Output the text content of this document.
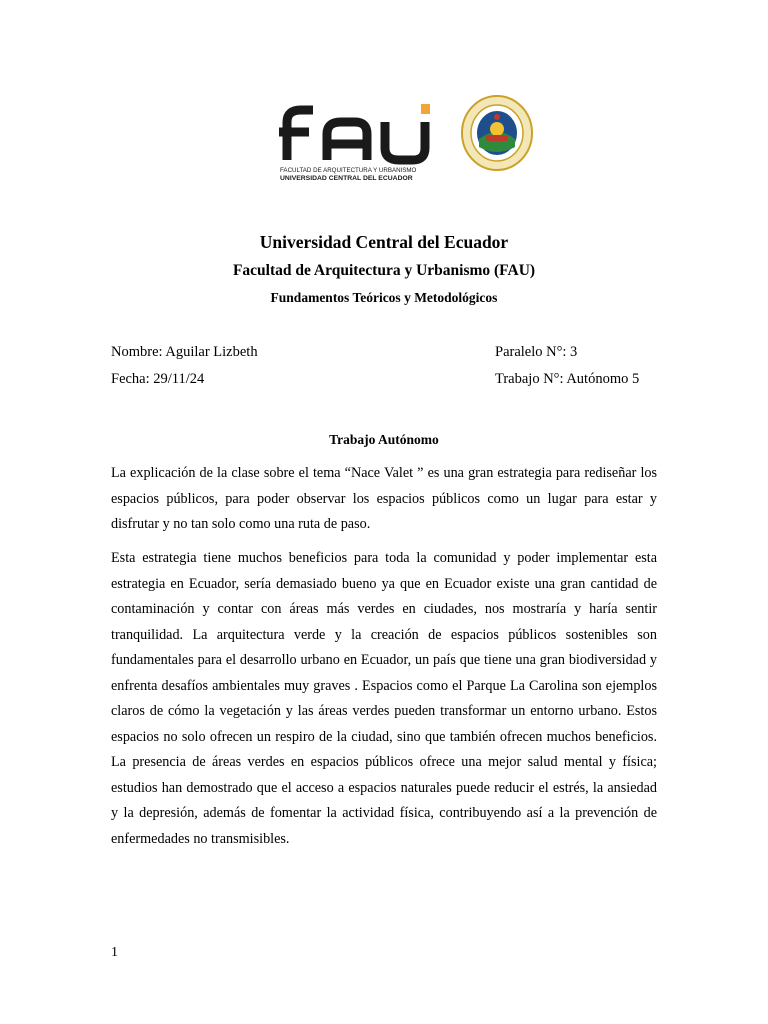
FACULTAD DE ARQUITECTURA Y URBANISMO
UNIVERSIDAD CENTRAL DEL ECUADOR
Universidad Central del Ecuador
Facultad de Arquitectura y Urbanismo (FAU)
Fundamentos Teóricos y Metodológicos
Nombre: Aguilar Lizbeth
Fecha: 29/11/24
Paralelo N°: 3
Trabajo N°: Autónomo 5
Trabajo Autónomo

La explicación de la clase sobre el tema “Nace Valet ” es una gran estrategia para rediseñar los espacios públicos, para poder observar los espacios públicos como un lugar para estar y disfrutar y no tan solo como una ruta de paso.

Esta estrategia tiene muchos beneficios para toda la comunidad y poder implementar esta estrategia en Ecuador, sería demasiado bueno ya que en Ecuador existe una gran cantidad de contaminación y contar con áreas más verdes en ciudades, nos mostraría y haría sentir tranquilidad. La arquitectura verde y la creación de espacios públicos sostenibles son fundamentales para el desarrollo urbano en Ecuador, un país que tiene una gran biodiversidad y enfrenta desafíos ambientales muy graves . Espacios como el Parque La Carolina son ejemplos claros de cómo la vegetación y las áreas verdes pueden transformar un entorno urbano. Estos espacios no solo ofrecen un respiro de la ciudad, sino que también ofrecen muchos beneficios. La presencia de áreas verdes en espacios públicos ofrece una mejor salud mental y física; estudios han demostrado que el acceso a espacios naturales puede reducir el estrés, la ansiedad y la depresión, además de fomentar la actividad física, contribuyendo así a la prevención de enfermedades no transmisibles.

1
